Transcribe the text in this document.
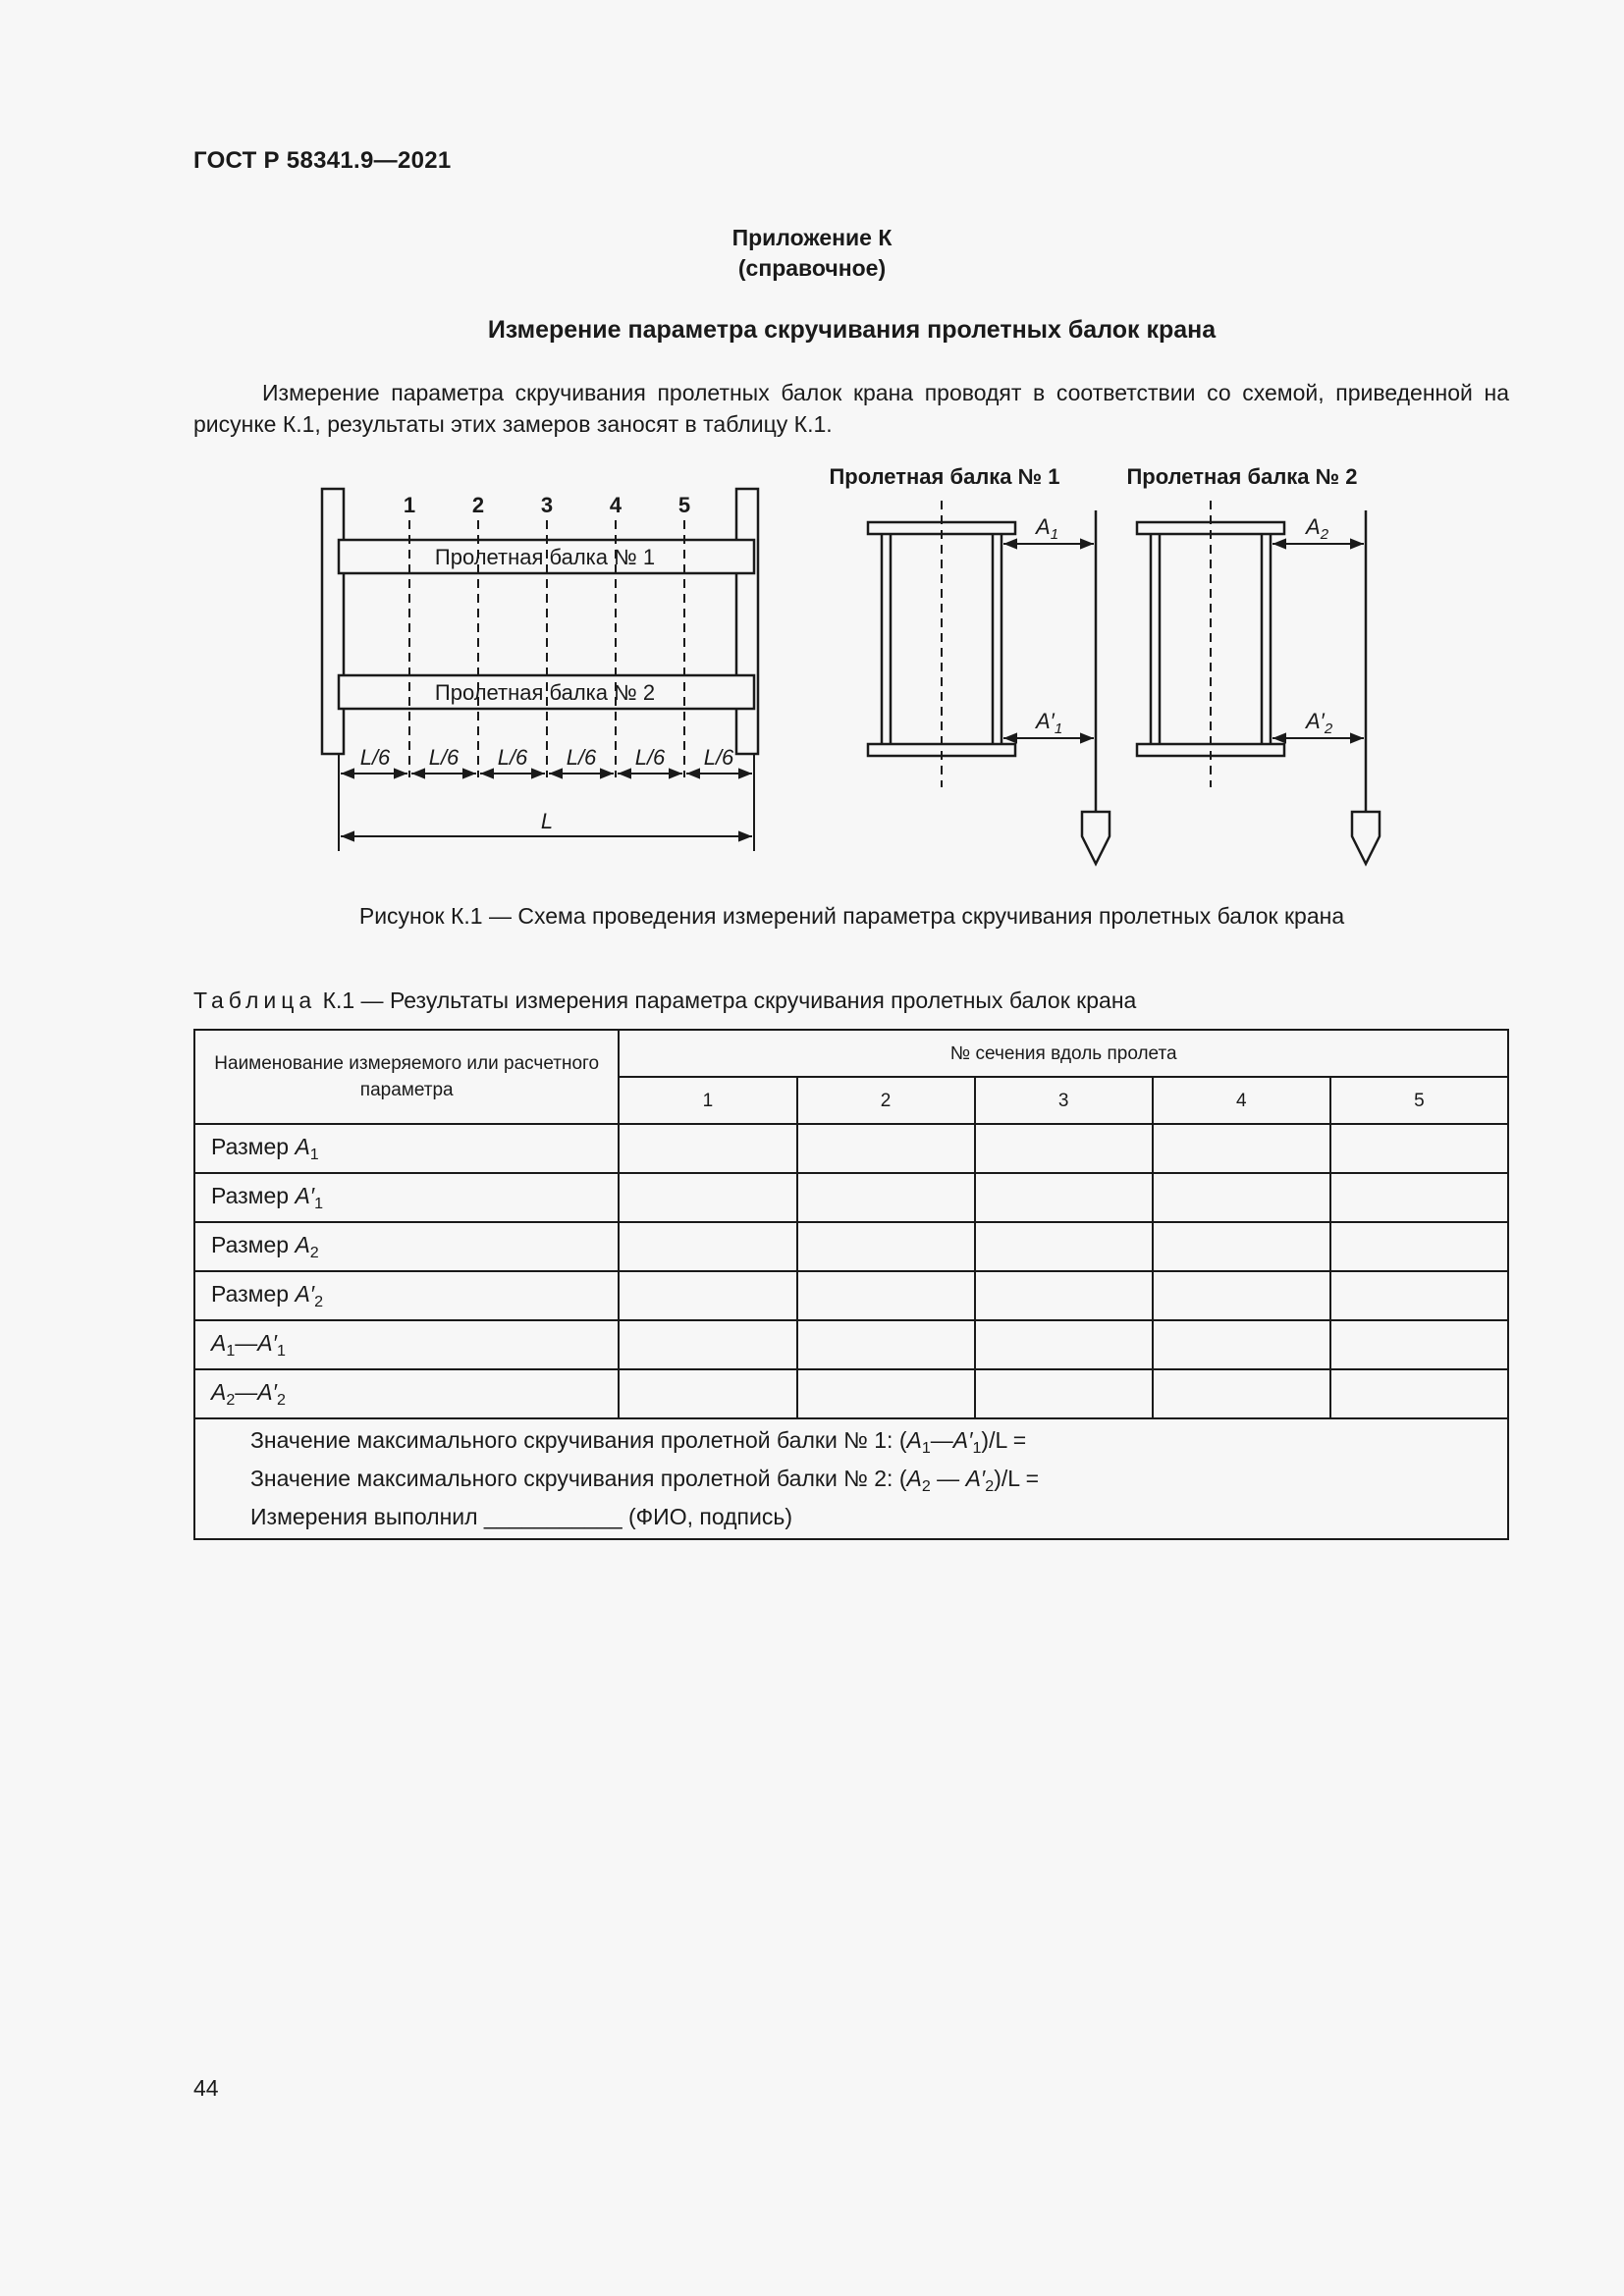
ГОСТ Р 58341.9—2021
Приложение К
(справочное)
Измерение параметра скручивания пролетных балок крана
Измерение параметра скручивания пролетных балок крана проводят в соответствии со схемой, приведенной на рисунке К.1, результаты этих замеров заносят в таблицу К.1.
1	2	3	4	5
Пролетная балка № 1
Пролетная балка № 2
L/6 L/6 L/6 L/6 L/6 L/6
L
Пролетная балка № 1	Пролетная балка № 2
$A_1$
$A'_1$
$A_2$
$A'_2$
Рисунок К.1 — Схема проведения измерений параметра скручивания пролетных балок крана
Таблица К.1 — Результаты измерения параметра скручивания пролетных балок крана
Наименование измеряемого или расчетного параметра	№ сечения вдоль пролета				
	1	2	3	4	5
Размер $A_1$					
Размер $A'_1$					
Размер $A_2$					
Размер $A'_2$					
$A_1—A'_1$					
$A_2—A'_2$					

Значение максимального скручивания пролетной балки № 1: $(A_1—A'_1)/L$ =
Значение максимального скручивания пролетной балки № 2: ($A_2$ — $A'_2)/L$ =
Измерения выполнил ___________ (ФИО, подпись)					
44
